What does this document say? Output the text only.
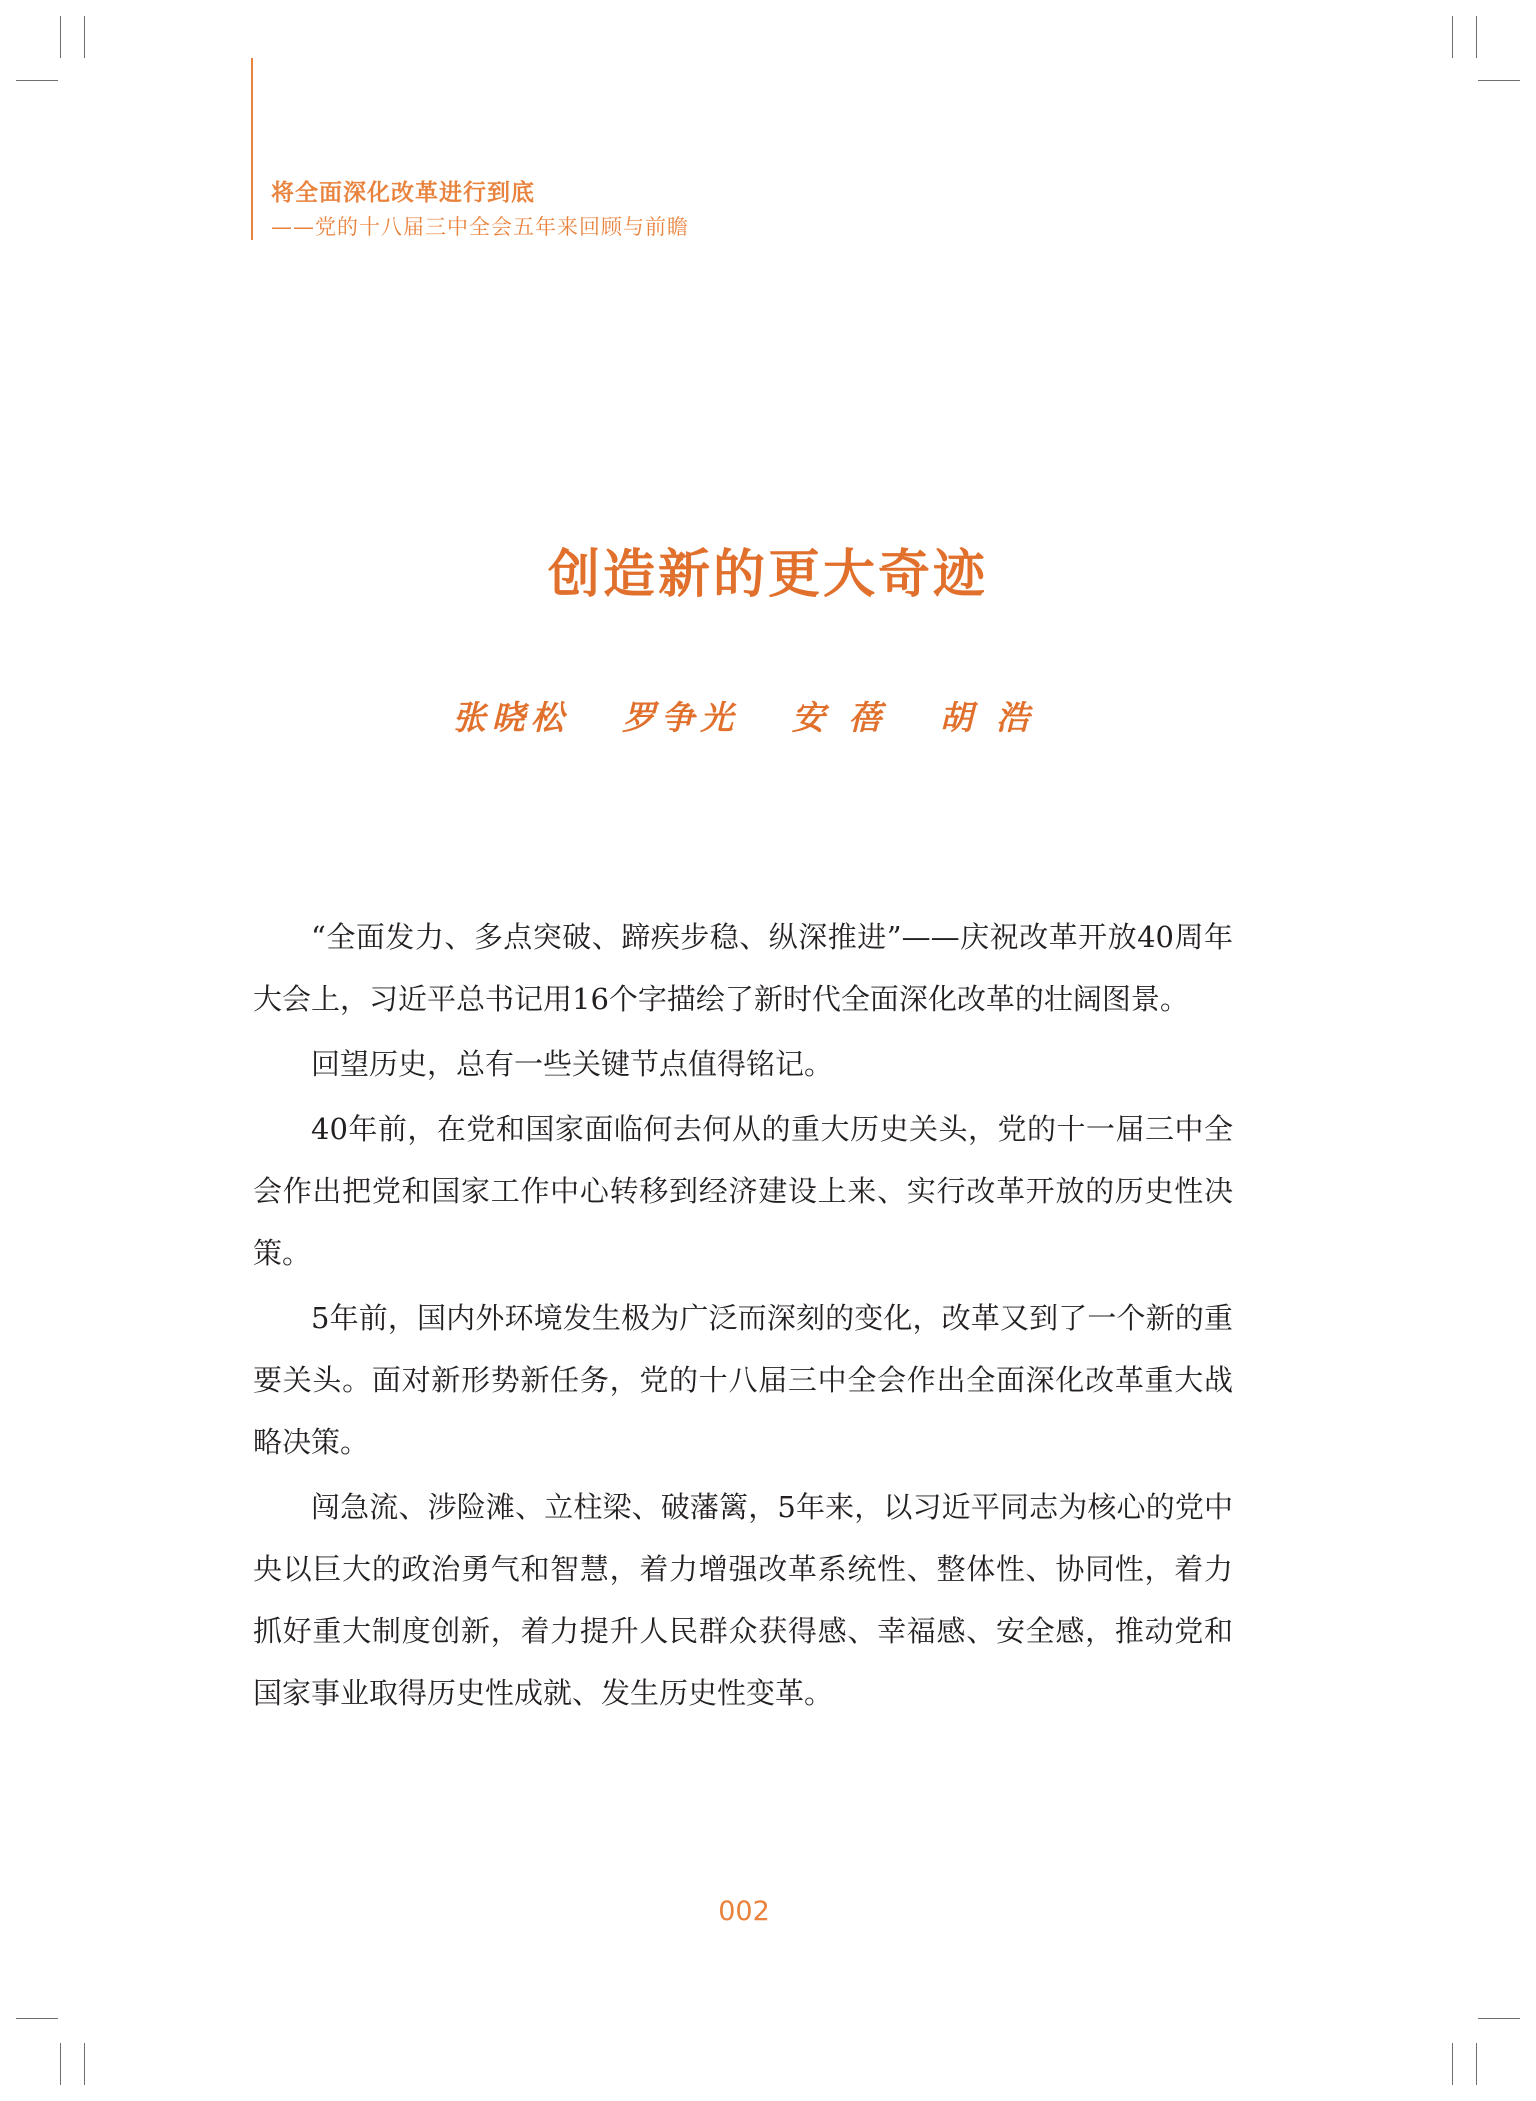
将全面深化改革进行到底
——党的十八届三中全会五年来回顾与前瞻
创造新的更大奇迹
张晓松   罗争光   安 蓓   胡 浩

“全面发力、多点突破、蹄疾步稳、纵深推进”——庆祝改革开放40周年大会上，习近平总书记用16个字描绘了新时代全面深化改革的壮阔图景。

回望历史，总有一些关键节点值得铭记。

40年前，在党和国家面临何去何从的重大历史关头，党的十一届三中全会作出把党和国家工作中心转移到经济建设上来、实行改革开放的历史性决策。

5年前，国内外环境发生极为广泛而深刻的变化，改革又到了一个新的重要关头。面对新形势新任务，党的十八届三中全会作出全面深化改革重大战略决策。

闯急流、涉险滩、立柱梁、破藩篱，5年来，以习近平同志为核心的党中央以巨大的政治勇气和智慧，着力增强改革系统性、整体性、协同性，着力抓好重大制度创新，着力提升人民群众获得感、幸福感、安全感，推动党和国家事业取得历史性成就、发生历史性变革。

002
